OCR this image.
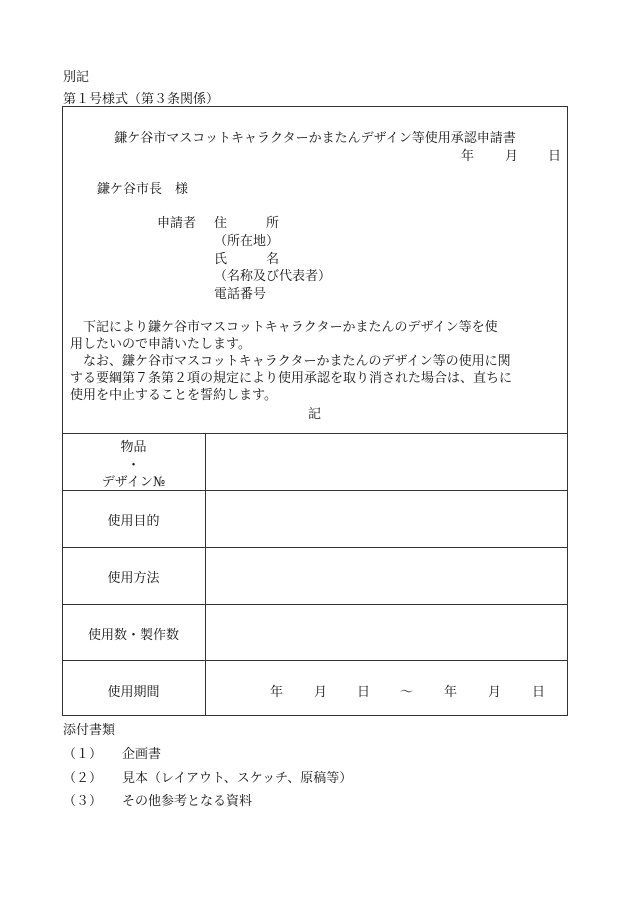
別記
第１号様式（第３条関係）
鎌ケ谷市マスコットキャラクターかまたんデザイン等使用承認申請書
年 月 日
鎌ケ谷市長　様
申請者 住　　　所
（所在地）
氏　　　名
（名称及び代表者）
電話番号
　下記により鎌ケ谷市マスコットキャラクターかまたんのデザイン等を使
用したいので申請いたします。
　なお、鎌ケ谷市マスコットキャラクターかまたんのデザイン等の使用に関
する要綱第７条第２項の規定により使用承認を取り消された場合は、直ちに
使用を中止することを誓約します。
記
物品
・
デザイン№
使用目的
使用方法
使用数・製作数
使用期間	年 月 日 ～ 年 月 日
添付書類
（１） 企画書
（２） 見本（レイアウト、スケッチ、原稿等）
（３） その他参考となる資料
